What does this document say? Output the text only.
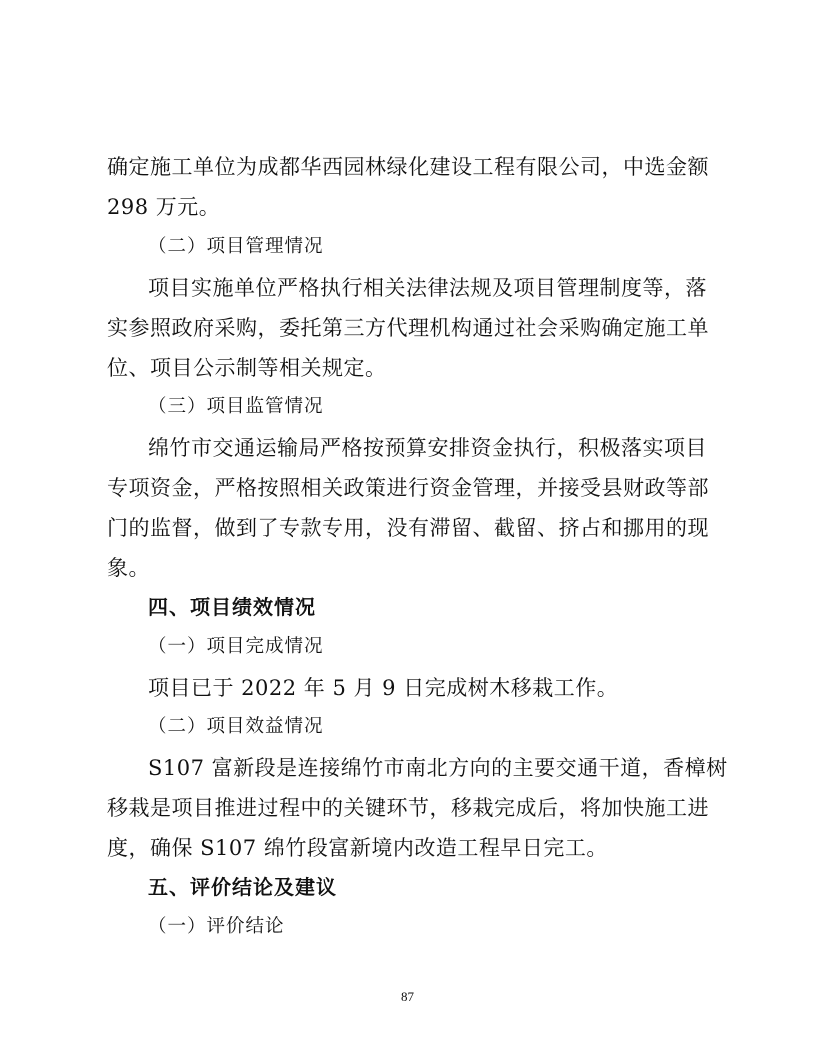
确定施工单位为成都华西园林绿化建设工程有限公司，中选金额
298 万元。
（二）项目管理情况
项目实施单位严格执行相关法律法规及项目管理制度等，落
实参照政府采购，委托第三方代理机构通过社会采购确定施工单
位、项目公示制等相关规定。
（三）项目监管情况
绵竹市交通运输局严格按预算安排资金执行，积极落实项目
专项资金，严格按照相关政策进行资金管理，并接受县财政等部
门的监督，做到了专款专用，没有滞留、截留、挤占和挪用的现
象。
四、项目绩效情况
（一）项目完成情况
项目已于 2022 年 5 月 9 日完成树木移栽工作。
（二）项目效益情况
S107 富新段是连接绵竹市南北方向的主要交通干道，香樟树
移栽是项目推进过程中的关键环节，移栽完成后，将加快施工进
度，确保 S107 绵竹段富新境内改造工程早日完工。
五、评价结论及建议
（一）评价结论
87
